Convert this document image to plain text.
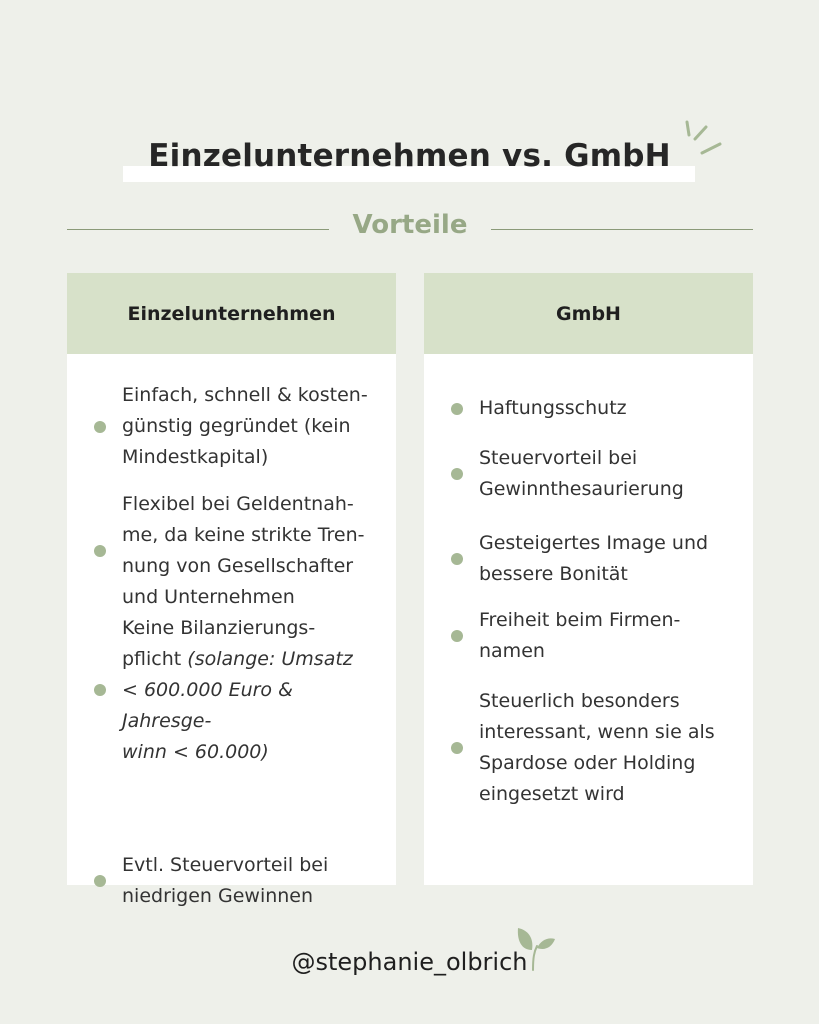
Einzelunternehmen vs. GmbH
Vorteile
Einzelunternehmen
Einfach, schnell & kosten-
günstig gegründet (kein
Mindestkapital)
Flexibel bei Geldentnah-
me, da keine strikte Tren-
nung von Gesellschafter
und Unternehmen
Keine Bilanzierungs-
pflicht (solange: Umsatz
< 600.000 Euro & Jahresge-
winn < 60.000)
Evtl. Steuervorteil bei
niedrigen Gewinnen
GmbH
Haftungsschutz
Steuervorteil bei
Gewinnthesaurierung
Gesteigertes Image und
bessere Bonität
Freiheit beim Firmen-
namen
Steuerlich besonders
interessant, wenn sie als
Spardose oder Holding
eingesetzt wird
@stephanie_olbrich
